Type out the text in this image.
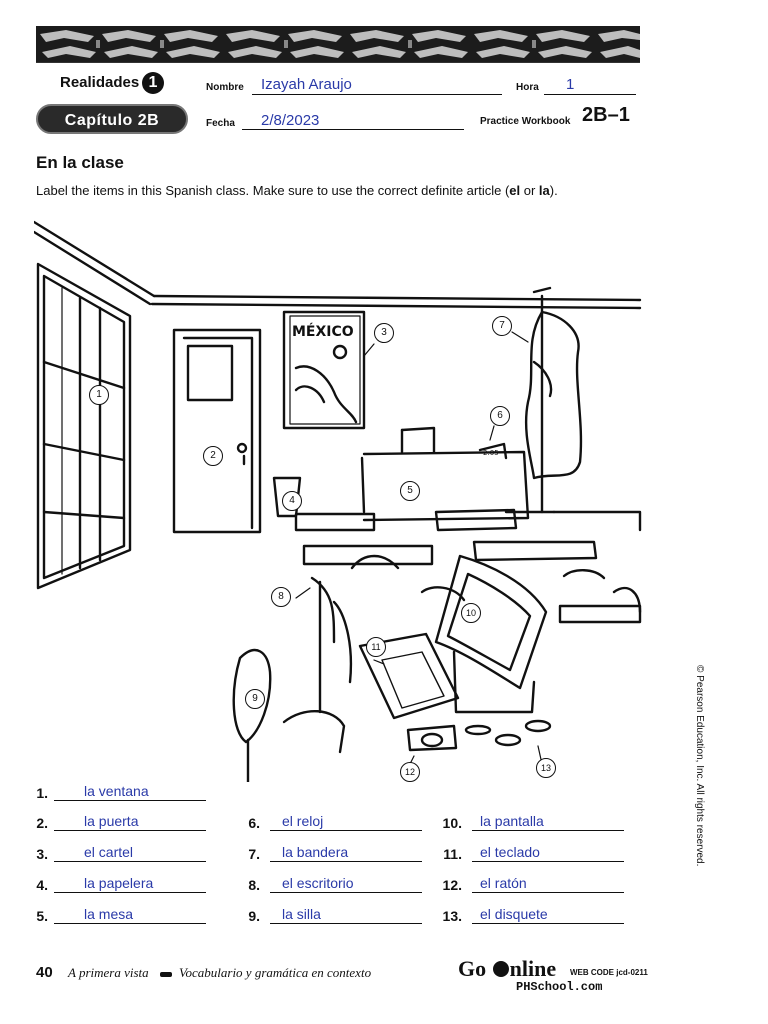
Realidades 1
Capítulo 2B
Nombre Izayah Araujo	Hora 1
Fecha 2/8/2023	Practice Workbook 2B–1
En la clase
Label the items in this Spanish class. Make sure to use the correct definite article (el or la).
MÉXICO
2:05
1
2
3
4
5
6
7
8
9
10
11
12	13
1.	la ventana
2.	la puerta
3.	el cartel
4.	la papelera
5.	la mesa
6. el reloj
7. la bandera
8. el escritorio
9. la silla
10. la pantalla
11. el teclado
12. el ratón
13. el disquete
© Pearson Education, Inc. All rights reserved.
40 A primera vista Vocabulario y gramática en contexto	Go nline WEB CODE jcd-0211
PHSchool.com
